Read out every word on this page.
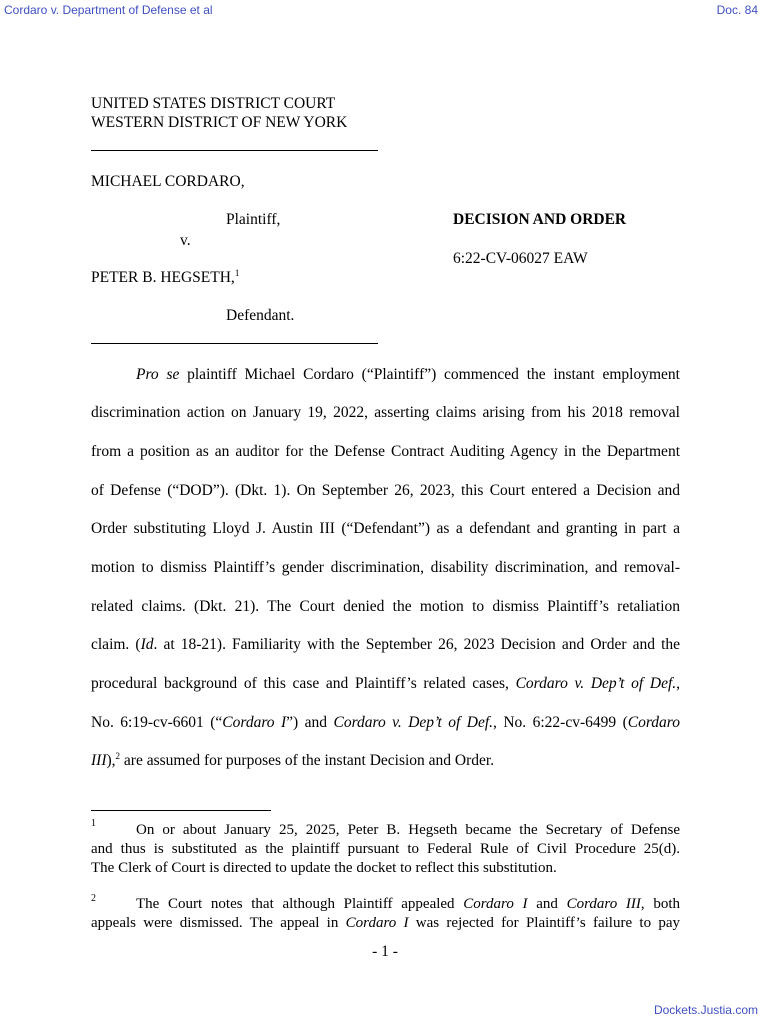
Cordaro v. Department of Defense et al	Doc. 84
UNITED STATES DISTRICT COURT
WESTERN DISTRICT OF NEW YORK
MICHAEL CORDARO,
Plaintiff,
v.
PETER B. HEGSETH,$^1$
Defendant.
DECISION AND ORDER
6:22-CV-06027 EAW
Pro se plaintiff Michael Cordaro (“Plaintiff”) commenced the instant employment
discrimination action on January 19, 2022, asserting claims arising from his 2018 removal
from a position as an auditor for the Defense Contract Auditing Agency in the Department
of Defense (“DOD”). (Dkt. 1). On September 26, 2023, this Court entered a Decision and
Order substituting Lloyd J. Austin III (“Defendant”) as a defendant and granting in part a
motion to dismiss Plaintiff’s gender discrimination, disability discrimination, and removal-
related claims. (Dkt. 21). The Court denied the motion to dismiss Plaintiff’s retaliation
claim. (Id. at 18-21). Familiarity with the September 26, 2023 Decision and Order and the
procedural background of this case and Plaintiff’s related cases, Cordaro v. Dep’t of Def.,
No. 6:19-cv-6601 (“Cordaro I”) and Cordaro v. Dep’t of Def., No. 6:22-cv-6499 (Cordaro
III),$^2$ are assumed for purposes of the instant Decision and Order.
1	On or about January 25, 2025, Peter B. Hegseth became the Secretary of Defense
and thus is substituted as the plaintiff pursuant to Federal Rule of Civil Procedure 25(d).
The Clerk of Court is directed to update the docket to reflect this substitution.
2	The Court notes that although Plaintiff appealed Cordaro I and Cordaro III, both
appeals were dismissed. The appeal in Cordaro I was rejected for Plaintiff’s failure to pay
- 1 -
Dockets.Justia.com
